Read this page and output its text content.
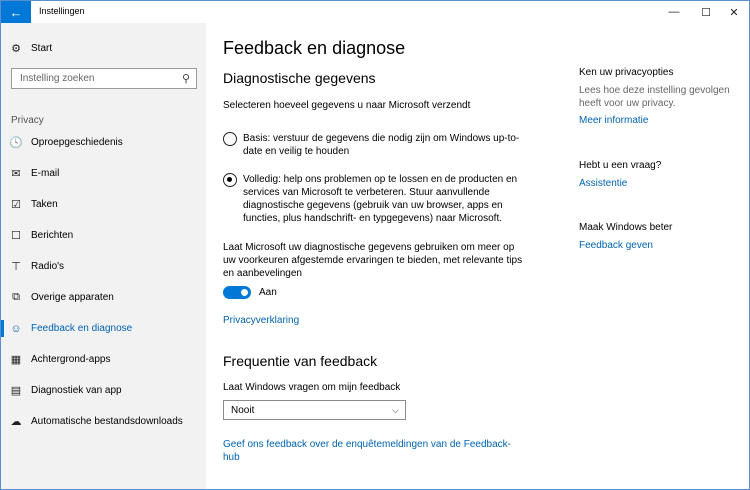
← Instellingen	— ☐ ✕
⚙	Start
Instelling zoeken
⚲
Privacy
🕓 Oproepgeschiedenis
✉	E-mail
☑	Taken
☐	Berichten
⊤	Radio's
⧉	Overige apparaten
☺ Feedback en diagnose
▦ Achtergrond-apps
▤ Diagnostiek van app
☁ Automatische bestandsdownloads
Feedback en diagnose
Diagnostische gegevens
Selecteren hoeveel gegevens u naar Microsoft verzendt
Basis: verstuur de gegevens die nodig zijn om Windows up-to-date en veilig te houden
Volledig: help ons problemen op te lossen en de producten en services van Microsoft te verbeteren. Stuur aanvullende diagnostische gegevens (gebruik van uw browser, apps en functies, plus handschrift- en typgegevens) naar Microsoft.
Laat Microsoft uw diagnostische gegevens gebruiken om meer op uw voorkeuren afgestemde ervaringen te bieden, met relevante tips en aanbevelingen
Aan
Privacyverklaring
Frequentie van feedback
Laat Windows vragen om mijn feedback
Nooit	⌵
Geef ons feedback over de enquêtemeldingen van de Feedback-hub
Ken uw privacyopties
Lees hoe deze instelling gevolgen heeft voor uw privacy.
Meer informatie
Hebt u een vraag?
Assistentie
Maak Windows beter
Feedback geven
